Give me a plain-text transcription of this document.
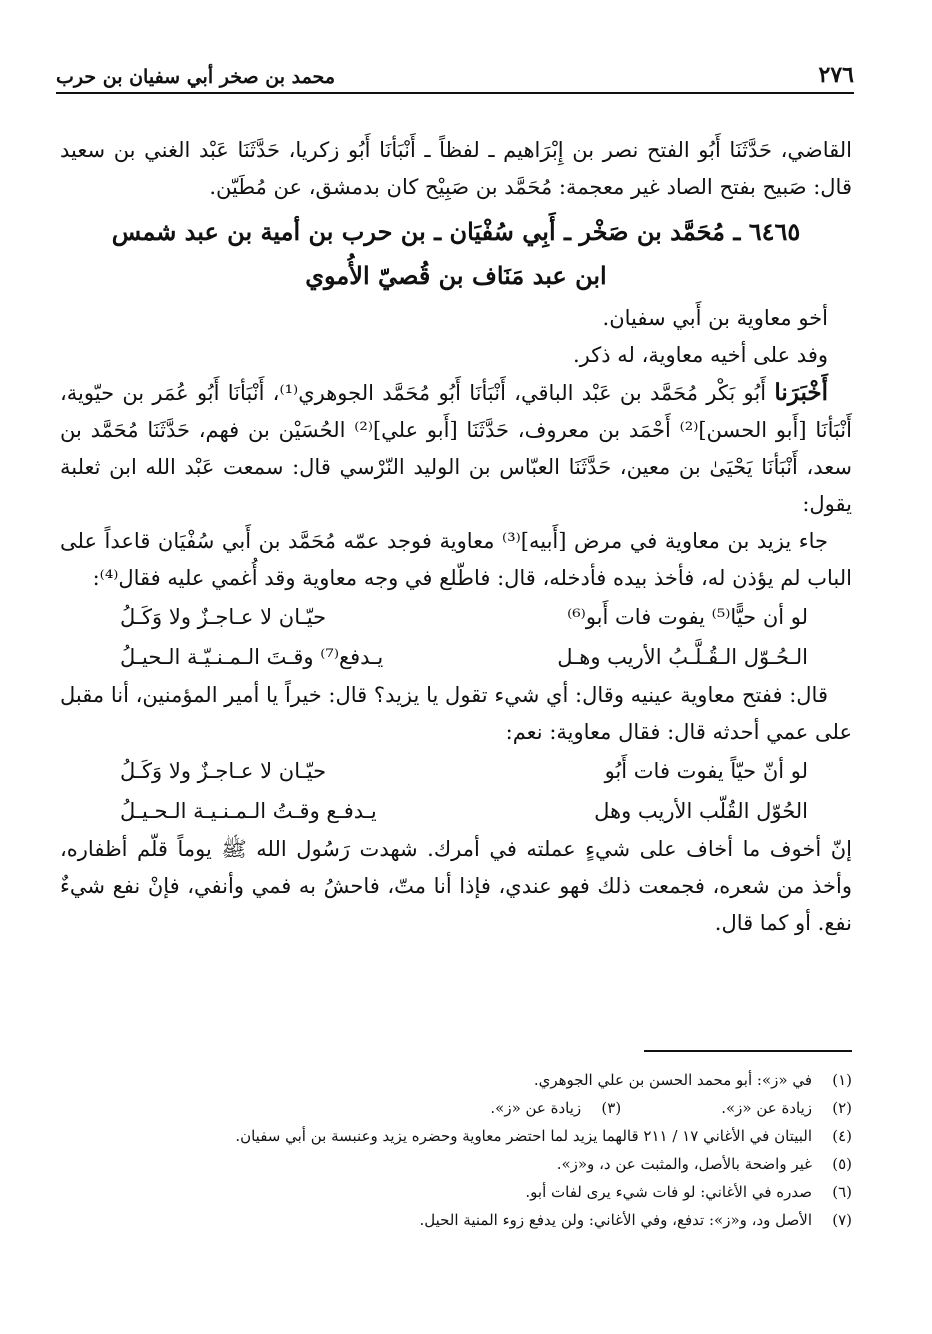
٢٧٦
محمد بن صخر أبي سفيان بن حرب

القاضي، حَدَّثَنَا أَبُو الفتح نصر بن إِبْرَاهيم ـ لفظاً ـ أَنْبَأنَا أَبُو زكريا، حَدَّثَنَا عَبْد الغني بن سعيد قال: صَبيح بفتح الصاد غير معجمة: مُحَمَّد بن صَبِيْح كان بدمشق، عن مُطَيّن.

٦٤٦٥ ـ مُحَمَّد بن صَخْر ـ أَبِي سُفْيَان ـ بن حرب بن أمية بن عبد شمس
ابن عبد مَنَاف بن قُصيّ الأُموي

أخو معاوية بن أَبي سفيان.

وفد على أخيه معاوية، له ذكر.

أَخْبَرَنا أَبُو بَكْر مُحَمَّد بن عَبْد الباقي، أَنْبَأنَا أَبُو مُحَمَّد الجوهري⁽¹⁾، أَنْبَأنَا أَبُو عُمَر بن حيّوية، أَنْبَأنَا [أَبو الحسن]⁽²⁾ أَحْمَد بن معروف، حَدَّثَنَا [أَبو علي]⁽²⁾ الحُسَيْن بن فهم، حَدَّثَنَا مُحَمَّد بن سعد، أَنْبَأنَا يَحْيَىٰ بن معين، حَدَّثَنَا العبّاس بن الوليد النّرْسي قال: سمعت عَبْد الله ابن ثعلبة يقول:

جاء يزيد بن معاوية في مرض [أَبيه]⁽³⁾ معاوية فوجد عمّه مُحَمَّد بن أَبي سُفْيَان قاعداً على الباب لم يؤذن له، فأخذ بيده فأدخله، قال: فاطّلع في وجه معاوية وقد أُغمي عليه فقال⁽⁴⁾:

لو أن حيًّا⁽⁵⁾ يفوت فات أَبو⁽⁶⁾
حيّـان لا عـاجـزٌ ولا وَكَـلُ
الـحُـوّل الـقُـلَّـبُ الأريب وهـل
يـدفع⁽⁷⁾ وقـتَ الـمـنـيّـة الـحيـلُ

قال: ففتح معاوية عينيه وقال: أي شيء تقول يا يزيد؟ قال: خيراً يا أمير المؤمنين، أنا مقبل على عمي أحدثه قال: فقال معاوية: نعم:

لو أنّ حيّاً يفوت فات أَبُو
حيّـان لا عـاجـزٌ ولا وَكَـلُ
الحُوّل القُلّب الأريب وهل
يـدفـع وقـتُ الـمـنـيـة الـحـيـلُ

إنّ أخوف ما أخاف على شيءٍ عملته في أمرك. شهدت رَسُول الله ﷺ يوماً قلّم أظفاره، وأخذ من شعره، فجمعت ذلك فهو عندي، فإذا أنا متّ، فاحشُ به فمي وأنفي، فإنْ نفع شيءٌ نفع. أو كما قال.

(١)
في «ز»: أبو محمد الحسن بن علي الجوهري.
(٢)
زيادة عن «ز».
(٣)
زيادة عن «ز».
(٤)
البيتان في الأغاني ١٧ / ٢١١ قالهما يزيد لما احتضر معاوية وحضره يزيد وعنبسة بن أبي سفيان.
(٥)
غير واضحة بالأصل، والمثبت عن د، و«ز».
(٦)
صدره في الأغاني: لو فات شيء يرى لفات أبو.
(٧)
الأصل ود، و«ز»: تدفع، وفي الأغاني: ولن يدفع زوء المنية الحيل.
